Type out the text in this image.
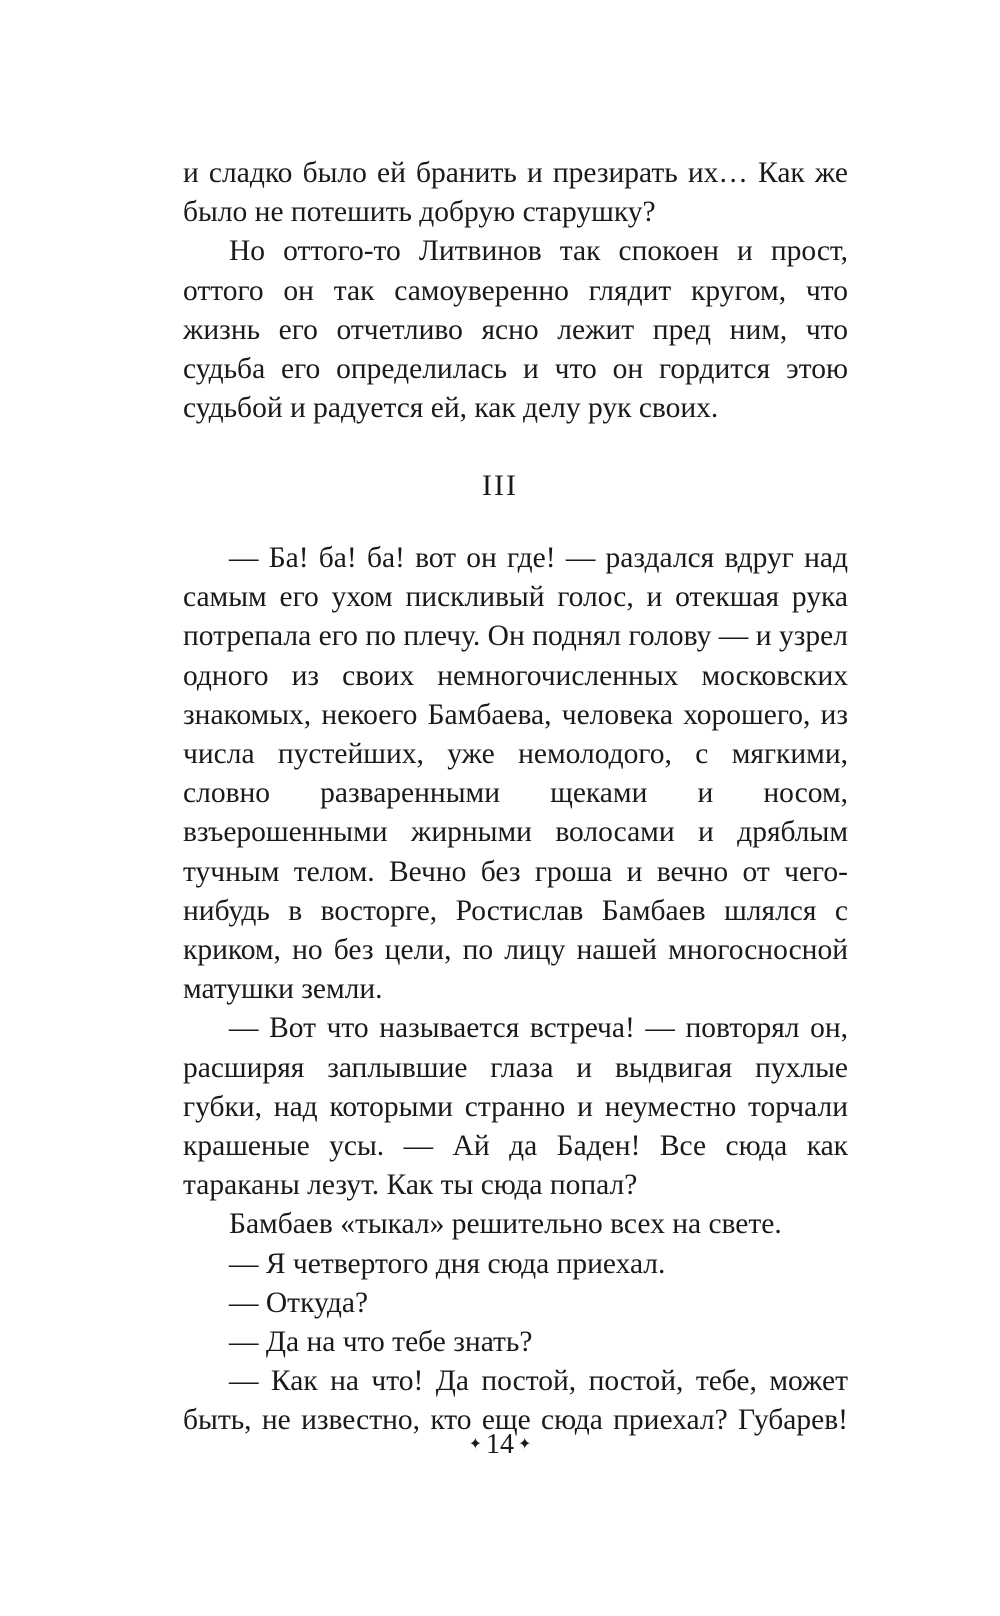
и сладко было ей бранить и презирать их… Как же было не потешить добрую старушку?

Но оттого-то Литвинов так спокоен и прост, оттого он так самоуверенно глядит кругом, что жизнь его отчетливо ясно лежит пред ним, что судьба его определилась и что он гордится этою судьбой и радуется ей, как делу рук своих.

III

— Ба! ба! ба! вот он где! — раздался вдруг над самым его ухом пискливый голос, и отекшая рука потрепала его по плечу. Он поднял голову — и узрел одного из своих немногочисленных московских знакомых, некоего Бамбаева, человека хорошего, из числа пустейших, уже немолодого, с мягкими, словно разваренными щеками и носом, взъерошенными жирными волосами и дряблым тучным телом. Вечно без гроша и вечно от чего-нибудь в восторге, Ростислав Бамбаев шлялся с криком, но без цели, по лицу нашей многосносной матушки земли.

— Вот что называется встреча! — повторял он, расширяя заплывшие глаза и выдвигая пухлые губки, над которыми странно и неуместно торчали крашеные усы. — Ай да Баден! Все сюда как тараканы лезут. Как ты сюда попал?

Бамбаев «тыкал» решительно всех на свете.

— Я четвертого дня сюда приехал.

— Откуда?

— Да на что тебе знать?

— Как на что! Да постой, постой, тебе, может быть, не известно, кто еще сюда приехал? Губарев!

✦ 14 ✦
